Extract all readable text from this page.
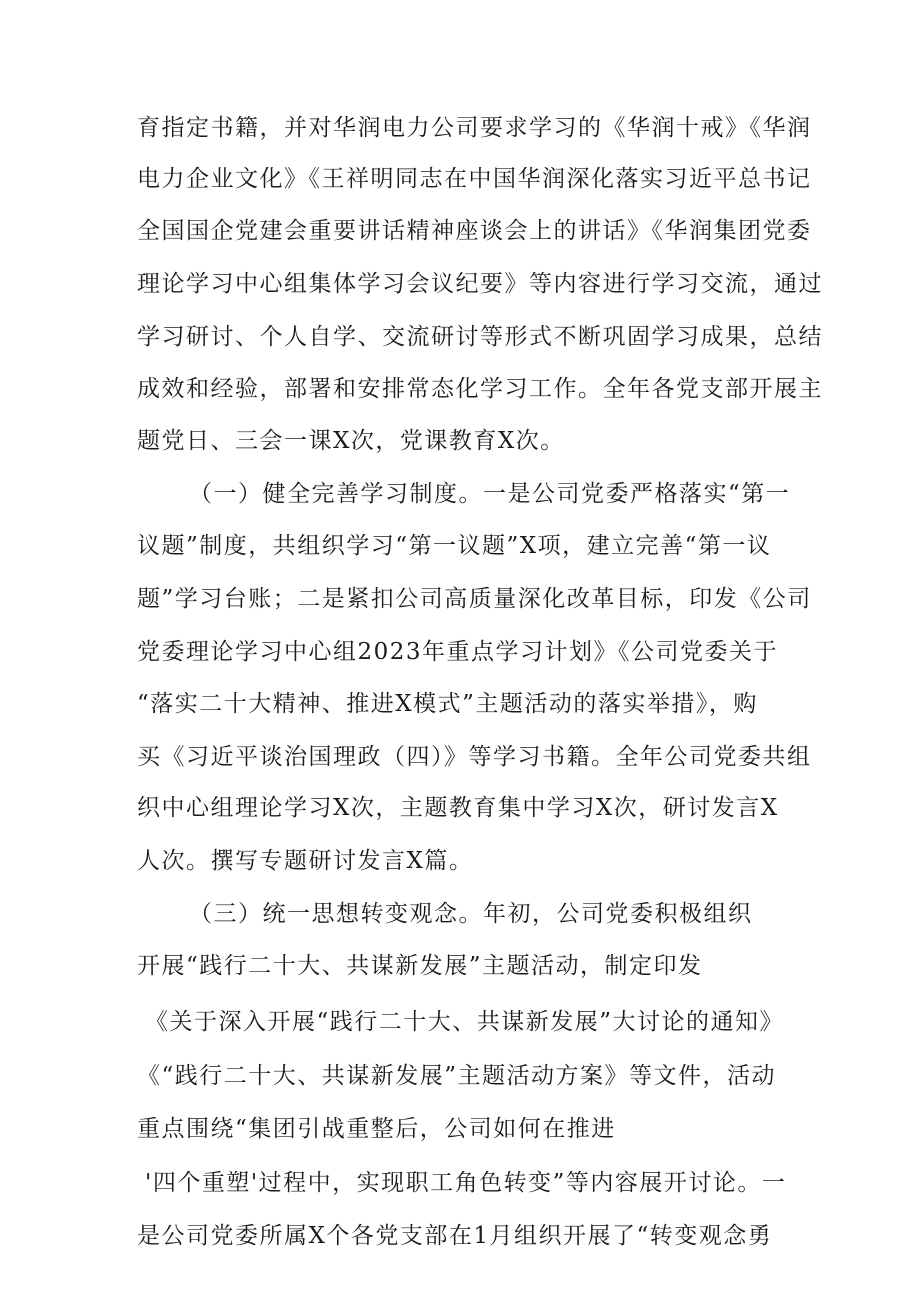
育指定书籍，并对华润电力公司要求学习的《华润十戒》《华润
电力企业文化》《王祥明同志在中国华润深化落实习近平总书记
全国国企党建会重要讲话精神座谈会上的讲话》《华润集团党委
理论学习中心组集体学习会议纪要》等内容进行学习交流，通过
学习研讨、个人自学、交流研讨等形式不断巩固学习成果，总结
成效和经验，部署和安排常态化学习工作。全年各党支部开展主
题党日、三会一课X次，党课教育X次。
（一）健全完善学习制度。一是公司党委严格落实“第一
议题”制度，共组织学习“第一议题”X项，建立完善“第一议
题”学习台账；二是紧扣公司高质量深化改革目标，印发《公司
党委理论学习中心组2023年重点学习计划》《公司党委关于
“落实二十大精神、推进X模式”主题活动的落实举措》，购
买《习近平谈治国理政（四）》等学习书籍。全年公司党委共组
织中心组理论学习X次，主题教育集中学习X次，研讨发言X
人次。撰写专题研讨发言X篇。
（三）统一思想转变观念。年初，公司党委积极组织
开展“践行二十大、共谋新发展”主题活动，制定印发
《关于深入开展“践行二十大、共谋新发展”大讨论的通知》
《“践行二十大、共谋新发展”主题活动方案》等文件，活动
重点围绕“集团引战重整后，公司如何在推进
'四个重塑'过程中，实现职工角色转变”等内容展开讨论。一
是公司党委所属X个各党支部在1月组织开展了“转变观念勇
